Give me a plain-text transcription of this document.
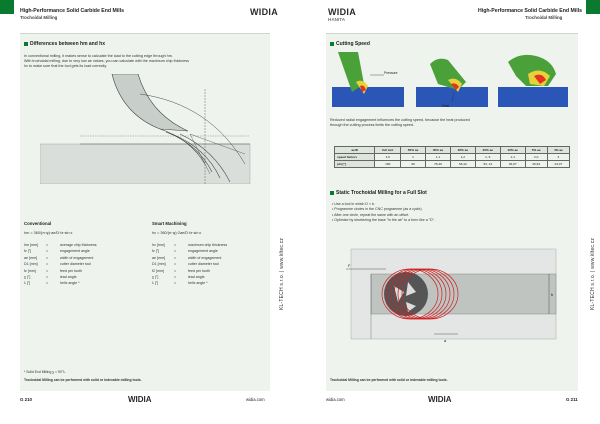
High-Performance Solid Carbide End Mills
Trochoidal Milling
WIDIA
Differences between hm and hx
In conventional milling, it makes sense to calculate the load to the cutting edge through hm.
With trochoidal milling, due to very low ae values, you can calculate with the maximum chip thickness
hx to make sure that the tool gets its load correctly.
Conventional
hm = 360/(π·φ)·ae/D·fz·sin κ
hm [mm]	=	average chip thickness
fz [°]	=	engagement angle
ae [mm]	=	width of engagement
D1 [mm]	=	cutter diameter tool
fz [mm]	=	feed per tooth
χ [°]	=	lead angle
λ [°]	=	helix angle *
Smart Machining
hx = 360/(π·φ)·2ae/D·fz·sin κ
hx [mm]	=	maximum chip thickness
fz [°]	=	engagement angle
ae [mm]	=	width of engagement
D1 [mm]	=	cutter diameter tool
f2 [mm]	=	feed per tooth
χ [°]	=	lead angle
λ [°]	=	helix angle *
* Solid End Milling χ = 90°λ.
Trochoidal Milling can be performed with solid or indexable milling tools.
G 210	WIDIA	widia.com
KL-TECH s.r.o. | www.kltec.cz
WIDIA
HANITA
High-Performance Solid Carbide End Mills
Trochoidal Milling
Cutting Speed
Pressure
Heat
Reduced radial engagement influences the cutting speed, because the heat produced
through the cutting process limits the cutting speed.
ae/D	full slot	50% ae	40% ae	30% ae	20% ae	10% ae	5% ae	4% ae
speed factors	3,0	1	1,1	1,2	1, 6	1,4	2,0	3
phi [°]	180	90	78,46	66,42	53, 13	36,87	25,84	23,07
Static Trochoidal Milling for a Full Slot
• Use a tool in which D < b.
• Programme circles in the CNC programme (as a cycle).
• After one circle, repeat the same with an offset.
• Optimise by shortening the base "in the air" to a form like a "D".
F
b
a
Trochoidal Milling can be performed with solid or indexable milling tools.
G 211
WIDIA
widia.com
KL-TECH s.r.o. | www.kltec.cz
